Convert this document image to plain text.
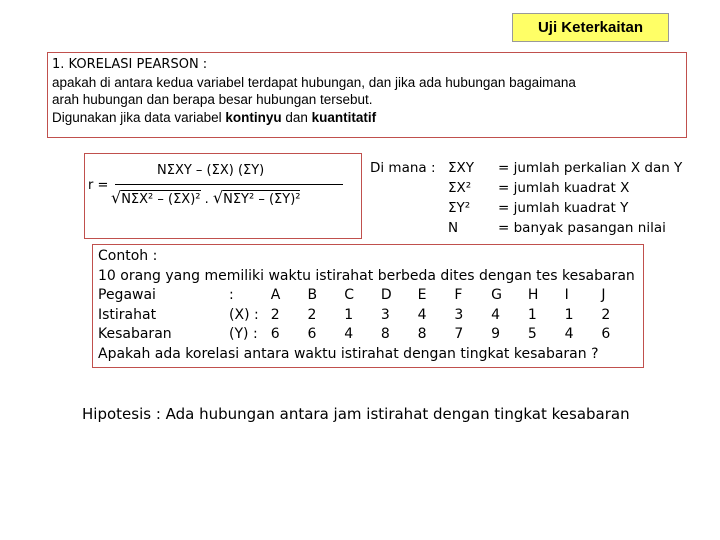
Uji Keterkaitan
1. KORELASI PEARSON :
apakah di antara kedua variabel terdapat hubungan, dan jika ada hubungan bagaimana
arah hubungan dan berapa besar hubungan tersebut.
Digunakan jika data variabel kontinyu dan kuantitatif
r =
NΣXY – (ΣX) (ΣY)
√NΣX² – (ΣX)² . √NΣY² – (ΣY)²
Di mana : ΣXY	= jumlah perkalian X dan Y
ΣX²	= jumlah kuadrat X
ΣY²	= jumlah kuadrat Y
N	= banyak pasangan nilai
Contoh :
10 orang yang memiliki waktu istirahat berbeda dites dengan tes kesabaran
Pegawai	:	A	B	C	D	E	F	G	H	I	J
Istirahat	(X) : 2	2	1	3	4	3	4	1	1	2
Kesabaran	(Y) : 6	6	4	8	8	7	9	5	4	6
Apakah ada korelasi antara waktu istirahat dengan tingkat kesabaran ?
Hipotesis : Ada hubungan antara jam istirahat dengan tingkat kesabaran
